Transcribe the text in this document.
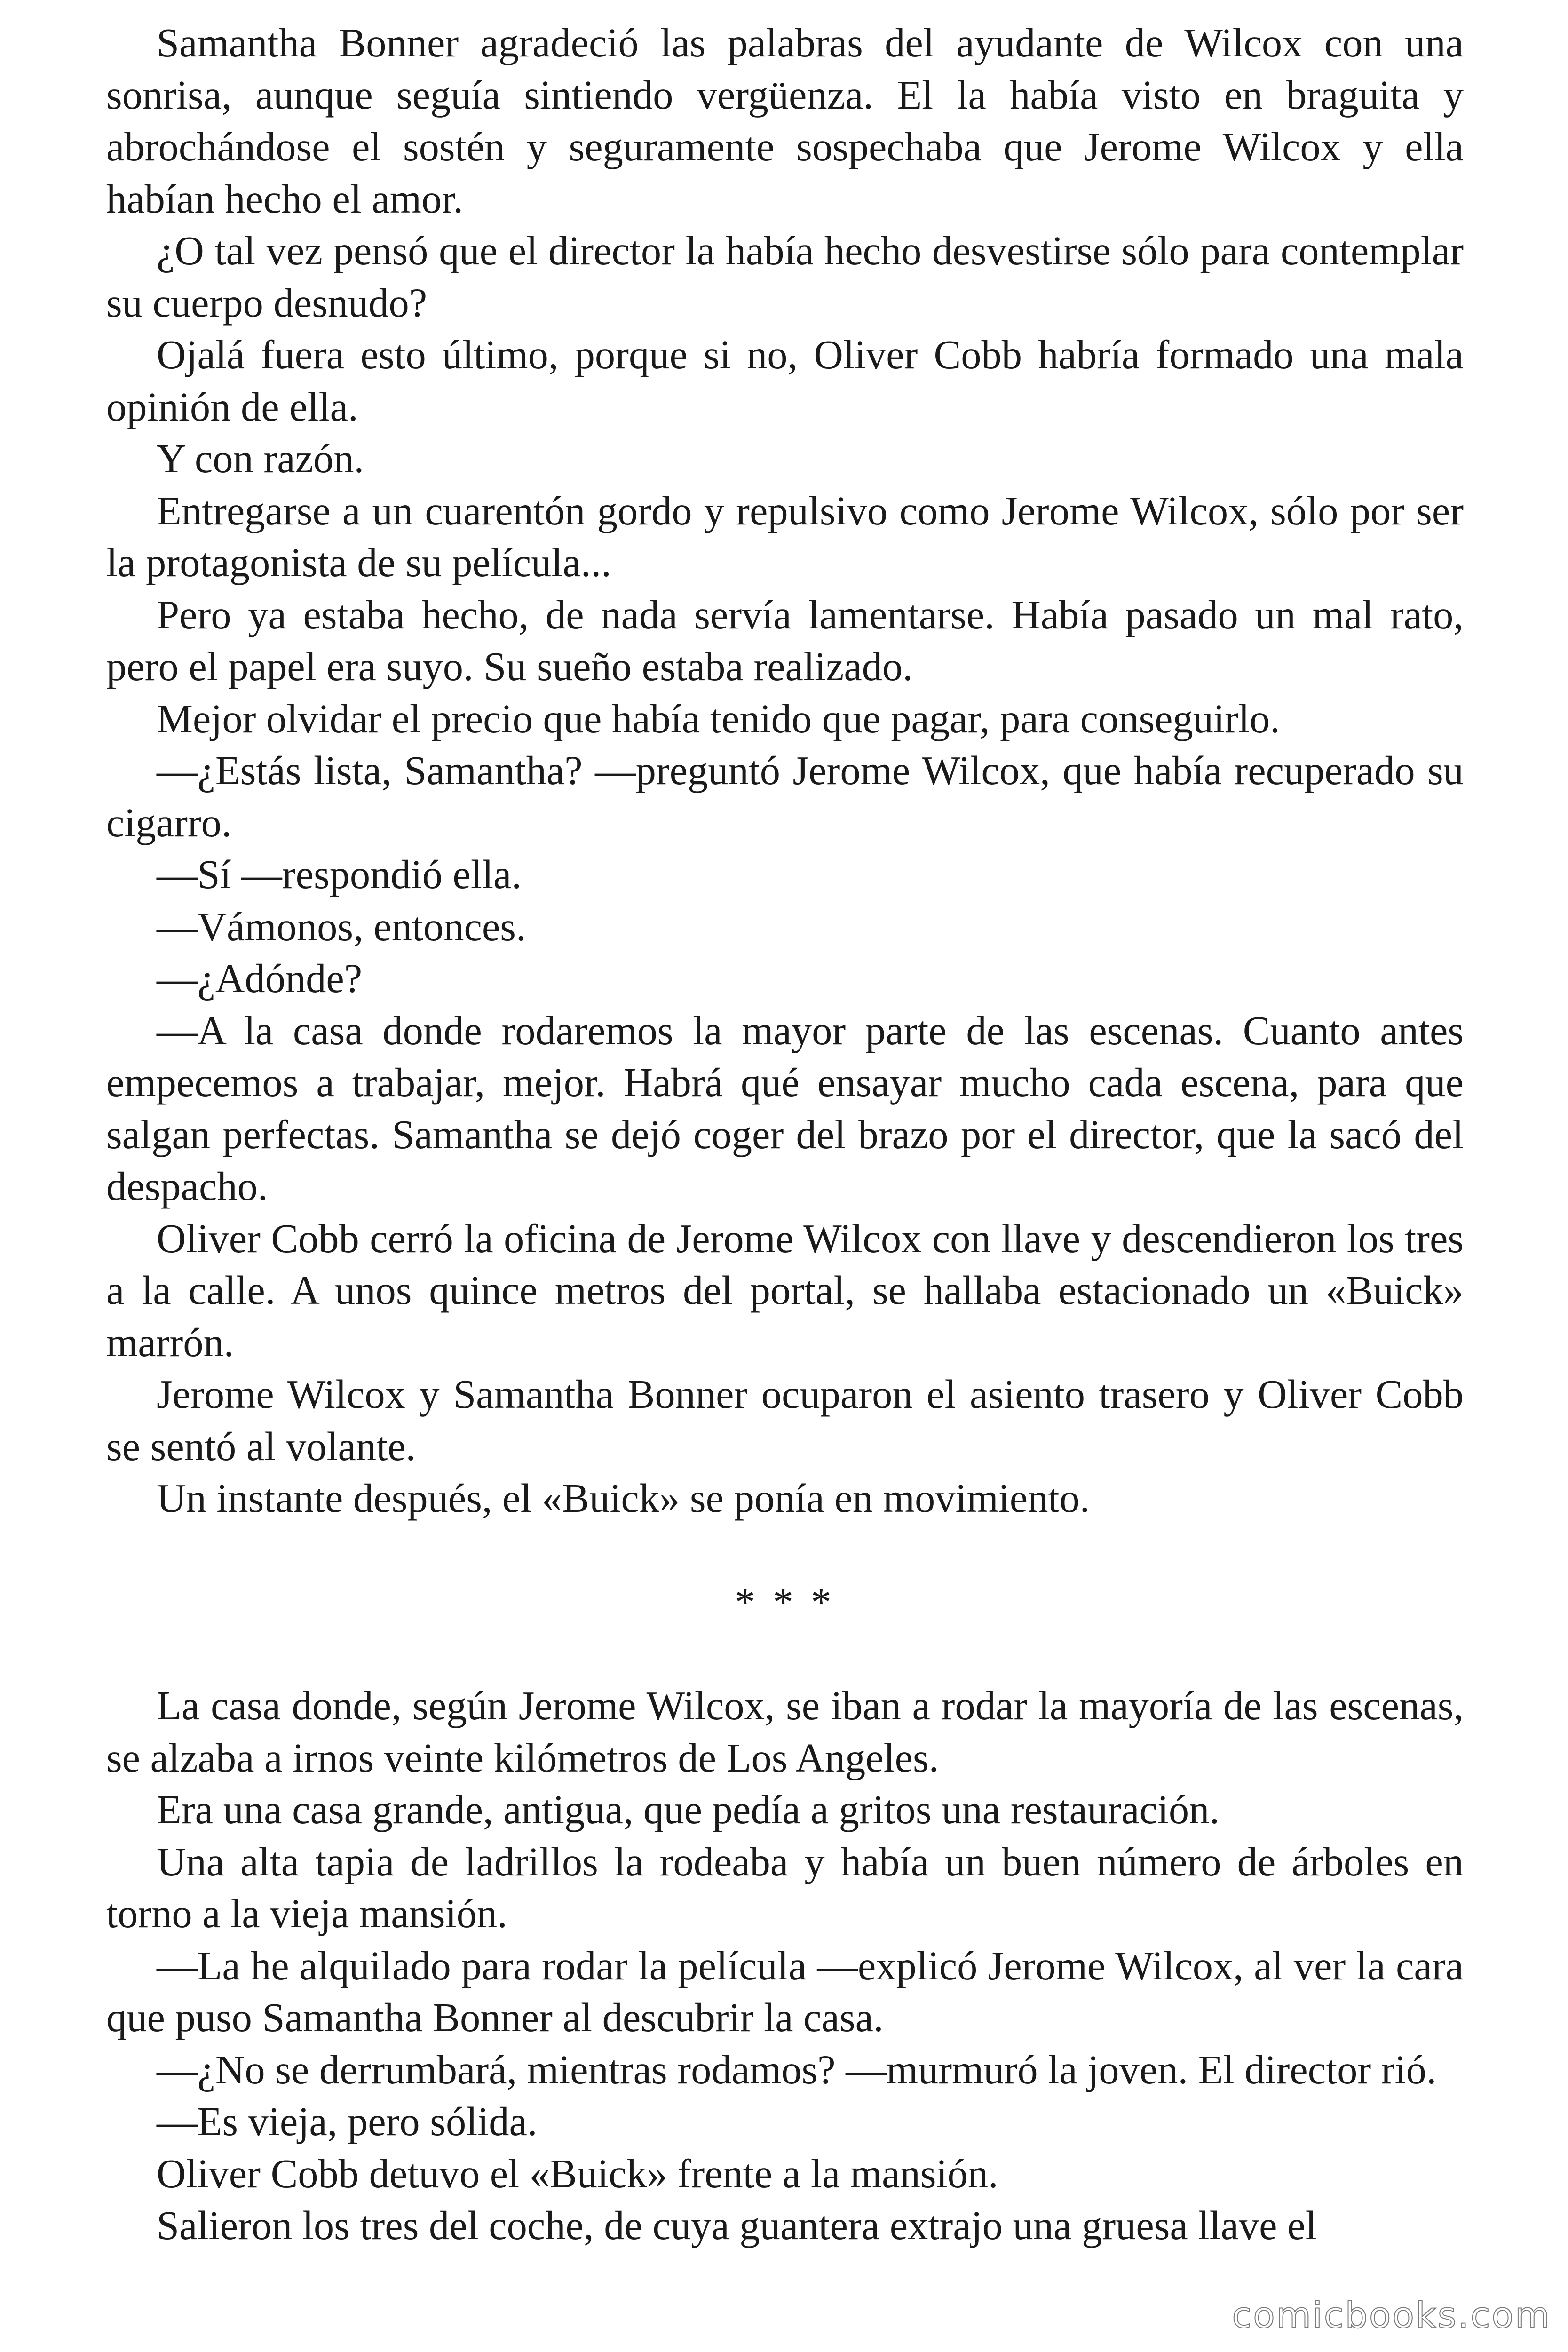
Samantha Bonner agradeció las palabras del ayudante de Wilcox con una sonrisa, aunque seguía sintiendo vergüenza. El la había visto en braguita y abrochándose el sostén y seguramente sospechaba que Jerome Wilcox y ella habían hecho el amor.

¿O tal vez pensó que el director la había hecho desvestirse sólo para contemplar su cuerpo desnudo?

Ojalá fuera esto último, porque si no, Oliver Cobb habría formado una mala opinión de ella.

Y con razón.

Entregarse a un cuarentón gordo y repulsivo como Jerome Wilcox, sólo por ser la protagonista de su película...

Pero ya estaba hecho, de nada servía lamentarse. Había pasado un mal rato, pero el papel era suyo. Su sueño estaba realizado.

Mejor olvidar el precio que había tenido que pagar, para conseguirlo.

—¿Estás lista, Samantha? —preguntó Jerome Wilcox, que había recuperado su cigarro.

—Sí —respondió ella.

—Vámonos, entonces.

—¿Adónde?

—A la casa donde rodaremos la mayor parte de las escenas. Cuanto antes empecemos a trabajar, mejor. Habrá qué ensayar mucho cada escena, para que salgan perfectas. Samantha se dejó coger del brazo por el director, que la sacó del despacho.

Oliver Cobb cerró la oficina de Jerome Wilcox con llave y descendieron los tres a la calle. A unos quince metros del portal, se hallaba estacionado un «Buick» marrón.

Jerome Wilcox y Samantha Bonner ocuparon el asiento trasero y Oliver Cobb se sentó al volante.

Un instante después, el «Buick» se ponía en movimiento.

* * *

La casa donde, según Jerome Wilcox, se iban a rodar la mayoría de las escenas, se alzaba a irnos veinte kilómetros de Los Angeles.

Era una casa grande, antigua, que pedía a gritos una restauración.

Una alta tapia de ladrillos la rodeaba y había un buen número de árboles en torno a la vieja mansión.

—La he alquilado para rodar la película —explicó Jerome Wilcox, al ver la cara que puso Samantha Bonner al descubrir la casa.

—¿No se derrumbará, mientras rodamos? —murmuró la joven. El director rió.

—Es vieja, pero sólida.

Oliver Cobb detuvo el «Buick» frente a la mansión.

Salieron los tres del coche, de cuya guantera extrajo una gruesa llave el

comicbooks.com
